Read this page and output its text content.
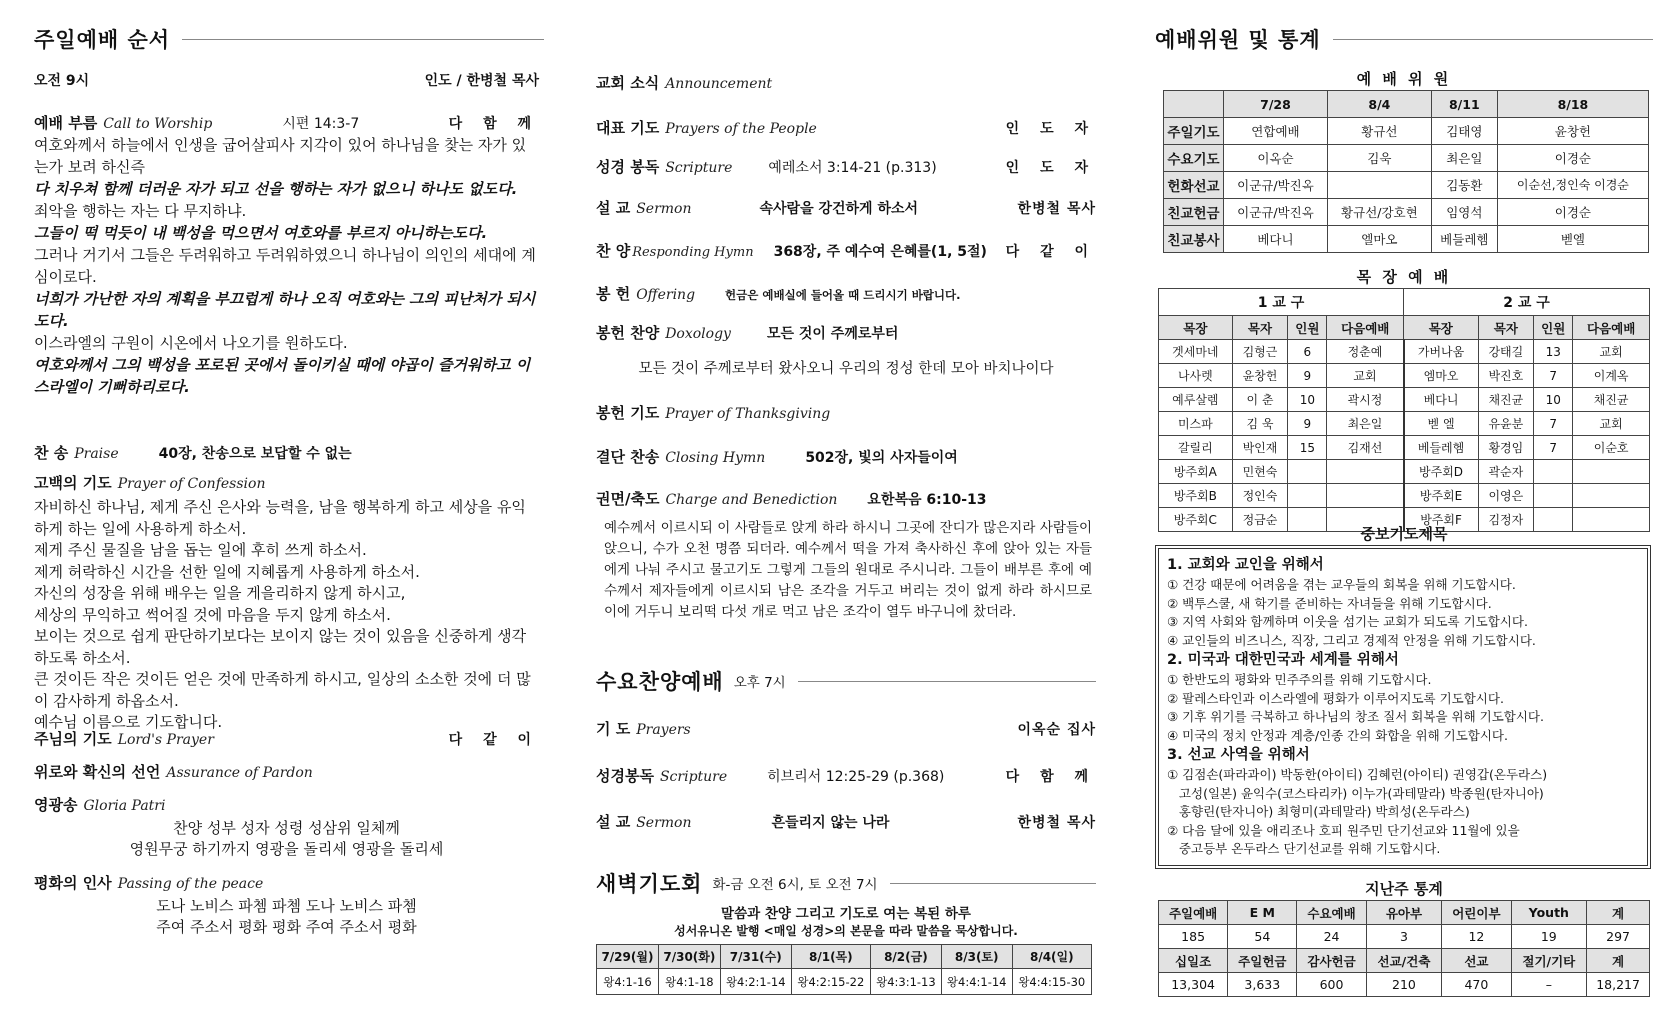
주일예배 순서
오전 9시	인도 / 한병철 목사
예배 부름 Call to Worship	시편 14:3-7	다 함 께
여호와께서 하늘에서 인생을 굽어살피사 지각이 있어 하나님을 찾는 자가 있는가 보려 하신즉
다 치우쳐 함께 더러운 자가 되고 선을 행하는 자가 없으니 하나도 없도다.
죄악을 행하는 자는 다 무지하냐.
그들이 떡 먹듯이 내 백성을 먹으면서 여호와를 부르지 아니하는도다.
그러나 거기서 그들은 두려워하고 두려워하였으니 하나님이 의인의 세대에 계심이로다.
너희가 가난한 자의 계획을 부끄럽게 하나 오직 여호와는 그의 피난처가 되시도다.
이스라엘의 구원이 시온에서 나오기를 원하도다.
여호와께서 그의 백성을 포로된 곳에서 돌이키실 때에 야곱이 즐거워하고 이스라엘이 기뻐하리로다.
찬 송 Praise	40장, 찬송으로 보답할 수 없는
고백의 기도 Prayer of Confession
자비하신 하나님, 제게 주신 은사와 능력을, 남을 행복하게 하고 세상을 유익하게 하는 일에 사용하게 하소서.
제게 주신 물질을 남을 돕는 일에 후히 쓰게 하소서.
제게 허락하신 시간을 선한 일에 지혜롭게 사용하게 하소서.
자신의 성장을 위해 배우는 일을 게을리하지 않게 하시고,
세상의 무익하고 썩어질 것에 마음을 두지 않게 하소서.
보이는 것으로 쉽게 판단하기보다는 보이지 않는 것이 있음을 신중하게 생각하도록 하소서.
큰 것이든 작은 것이든 얻은 것에 만족하게 하시고, 일상의 소소한 것에 더 많이 감사하게 하옵소서.
예수님 이름으로 기도합니다.
주님의 기도 Lord's Prayer	다 같 이
위로와 확신의 선언 Assurance of Pardon
영광송 Gloria Patri
찬양 성부 성자 성령 성삼위 일체께
영원무궁 하기까지 영광을 돌리세 영광을 돌리세
평화의 인사 Passing of the peace
도나 노비스 파쳄 파쳄 도나 노비스 파쳄
주여 주소서 평화 평화 주여 주소서 평화
교회 소식 Announcement
대표 기도 Prayers of the People	인 도 자
성경 봉독 Scripture	예레소서 3:14-21 (p.313)	인 도 자
설 교 Sermon	속사람을 강건하게 하소서	한병철 목사
찬 양 Responding Hymn 368장, 주 예수여 은혜를(1, 5절) 다 같 이
봉 헌 Offering	헌금은 예배실에 들어올 때 드리시기 바랍니다.
봉헌 찬양 Doxology	모든 것이 주께로부터
모든 것이 주께로부터 왔사오니 우리의 정성 한데 모아 바치나이다
봉헌 기도 Prayer of Thanksgiving
결단 찬송 Closing Hymn	502장, 빛의 사자들이여
권면/축도 Charge and Benediction 요한복음 6:10-13
예수께서 이르시되 이 사람들로 앉게 하라 하시니 그곳에 잔디가 많은지라 사람들이 앉으니, 수가 오천 명쯤 되더라. 예수께서 떡을 가져 축사하신 후에 앉아 있는 자들에게 나눠 주시고 물고기도 그렇게 그들의 원대로 주시니라. 그들이 배부른 후에 예수께서 제자들에게 이르시되 남은 조각을 거두고 버리는 것이 없게 하라 하시므로 이에 거두니 보리떡 다섯 개로 먹고 남은 조각이 열두 바구니에 찼더라.
수요찬양예배 오후 7시
기 도 Prayers	이옥순 집사
성경봉독 Scripture	히브리서 12:25-29 (p.368)	다 함 께
설 교 Sermon	흔들리지 않는 나라	한병철 목사
새벽기도회 화-금 오전 6시, 토 오전 7시
말씀과 찬양 그리고 기도로 여는 복된 하루
성서유니온 발행 <매일 성경>의 본문을 따라 말씀을 묵상합니다.
7/29(월)	7/30(화)	7/31(수)	8/1(목)	8/2(금)	8/3(토)	8/4(일)
왕4:1-16	왕4:1-18	왕4:2:1-14	왕4:2:15-22	왕4:3:1-13	왕4:4:1-14	왕4:4:15-30
예배위원 및 통계
예 배 위 원
	7/28	8/4	8/11	8/18
주일기도	연합예배	황규선	김태영	윤창헌
수요기도	이옥순	김욱	최은일	이경순
헌화선교	이군규/박진옥		김동환	이순선,정인숙 이경순
친교헌금	이군규/박진옥	황규선/강호현	임영석	이경순
친교봉사	베다니	엘마오	베들레헴	벧엘
목 장 예 배
1 교 구				2 교 구			
목장	목자	인원	다음예배	목장	목자	인원	다음예배
겟세마네	김형근	6	정춘예	가버나움	강태길	13	교회
나사렛	윤창헌	9	교회	엠마오	박진호	7	이계옥
예루살렘	이 춘	10	곽시정	베다니	채진균	10	채진균
미스파	김 욱	9	최은일	벧 엘	유윤분	7	교회
갈릴리	박인재	15	김재선	베들레헴	황경임	7	이순호
방주회A	민현숙			방주회D	곽순자		
방주회B	정인숙			방주회E	이영은		
방주회C	정금순			방주회F	김정자		
중보기도제목
1. 교회와 교인을 위해서
① 건강 때문에 어려움을 겪는 교우들의 회복을 위해 기도합시다.
② 백투스쿨, 새 학기를 준비하는 자녀들을 위해 기도합시다.
③ 지역 사회와 함께하며 이웃을 섬기는 교회가 되도록 기도합시다.
④ 교인들의 비즈니스, 직장, 그리고 경제적 안정을 위해 기도합시다.
2. 미국과 대한민국과 세계를 위해서
① 한반도의 평화와 민주주의를 위해 기도합시다.
② 팔레스타인과 이스라엘에 평화가 이루어지도록 기도합시다.
③ 기후 위기를 극복하고 하나님의 창조 질서 회복을 위해 기도합시다.
④ 미국의 정치 안정과 계층/인종 간의 화합을 위해 기도합시다.
3. 선교 사역을 위해서
① 김점손(파라과이) 박동한(아이티) 김혜런(아이티) 권영갑(온두라스)
고성(일본) 윤익수(코스타리카) 이누가(과테말라) 박종원(탄자니아)
홍향린(탄자니아) 최형미(과테말라) 박희성(온두라스)
② 다음 달에 있을 애리조나 호피 원주민 단기선교와 11월에 있을
중고등부 온두라스 단기선교를 위해 기도합시다.
지난주 통계
주일예배	E M	수요예배	유아부	어린이부	Youth	계
185	54	24	3	12	19	297
십일조	주일헌금	감사헌금	선교/건축	선교	절기/기타	계
13,304	3,633	600	210	470	–	18,217
